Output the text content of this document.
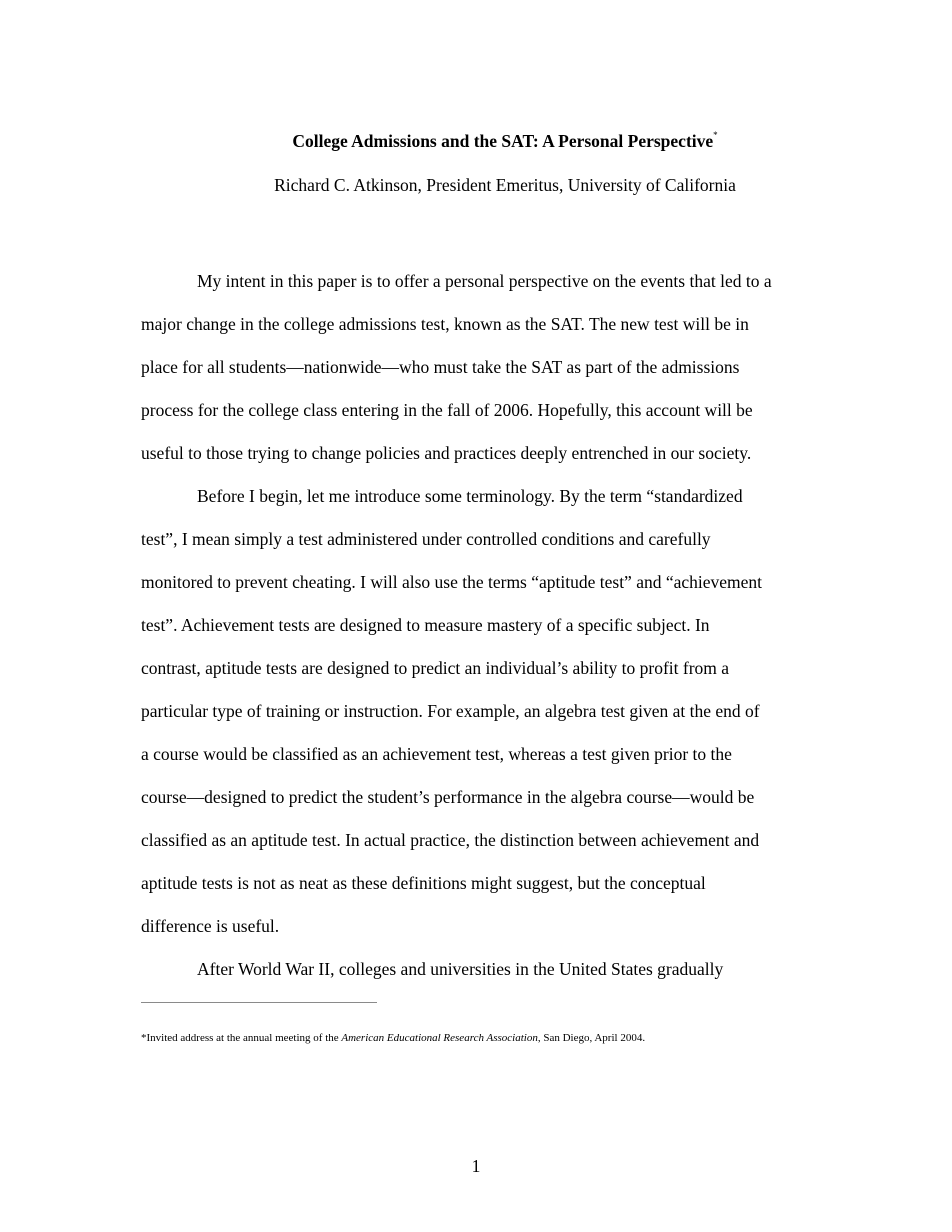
College Admissions and the SAT: A Personal Perspective*
Richard C. Atkinson, President Emeritus, University of California
My intent in this paper is to offer a personal perspective on the events that led to a
major change in the college admissions test, known as the SAT. The new test will be in
place for all students—nationwide—who must take the SAT as part of the admissions
process for the college class entering in the fall of 2006. Hopefully, this account will be
useful to those trying to change policies and practices deeply entrenched in our society.
Before I begin, let me introduce some terminology. By the term “standardized
test”, I mean simply a test administered under controlled conditions and carefully
monitored to prevent cheating. I will also use the terms “aptitude test” and “achievement
test”. Achievement tests are designed to measure mastery of a specific subject. In
contrast, aptitude tests are designed to predict an individual’s ability to profit from a
particular type of training or instruction. For example, an algebra test given at the end of
a course would be classified as an achievement test, whereas a test given prior to the
course—designed to predict the student’s performance in the algebra course—would be
classified as an aptitude test. In actual practice, the distinction between achievement and
aptitude tests is not as neat as these definitions might suggest, but the conceptual
difference is useful.
After World War II, colleges and universities in the United States gradually
*Invited address at the annual meeting of the American Educational Research Association, San Diego, April 2004.
1
